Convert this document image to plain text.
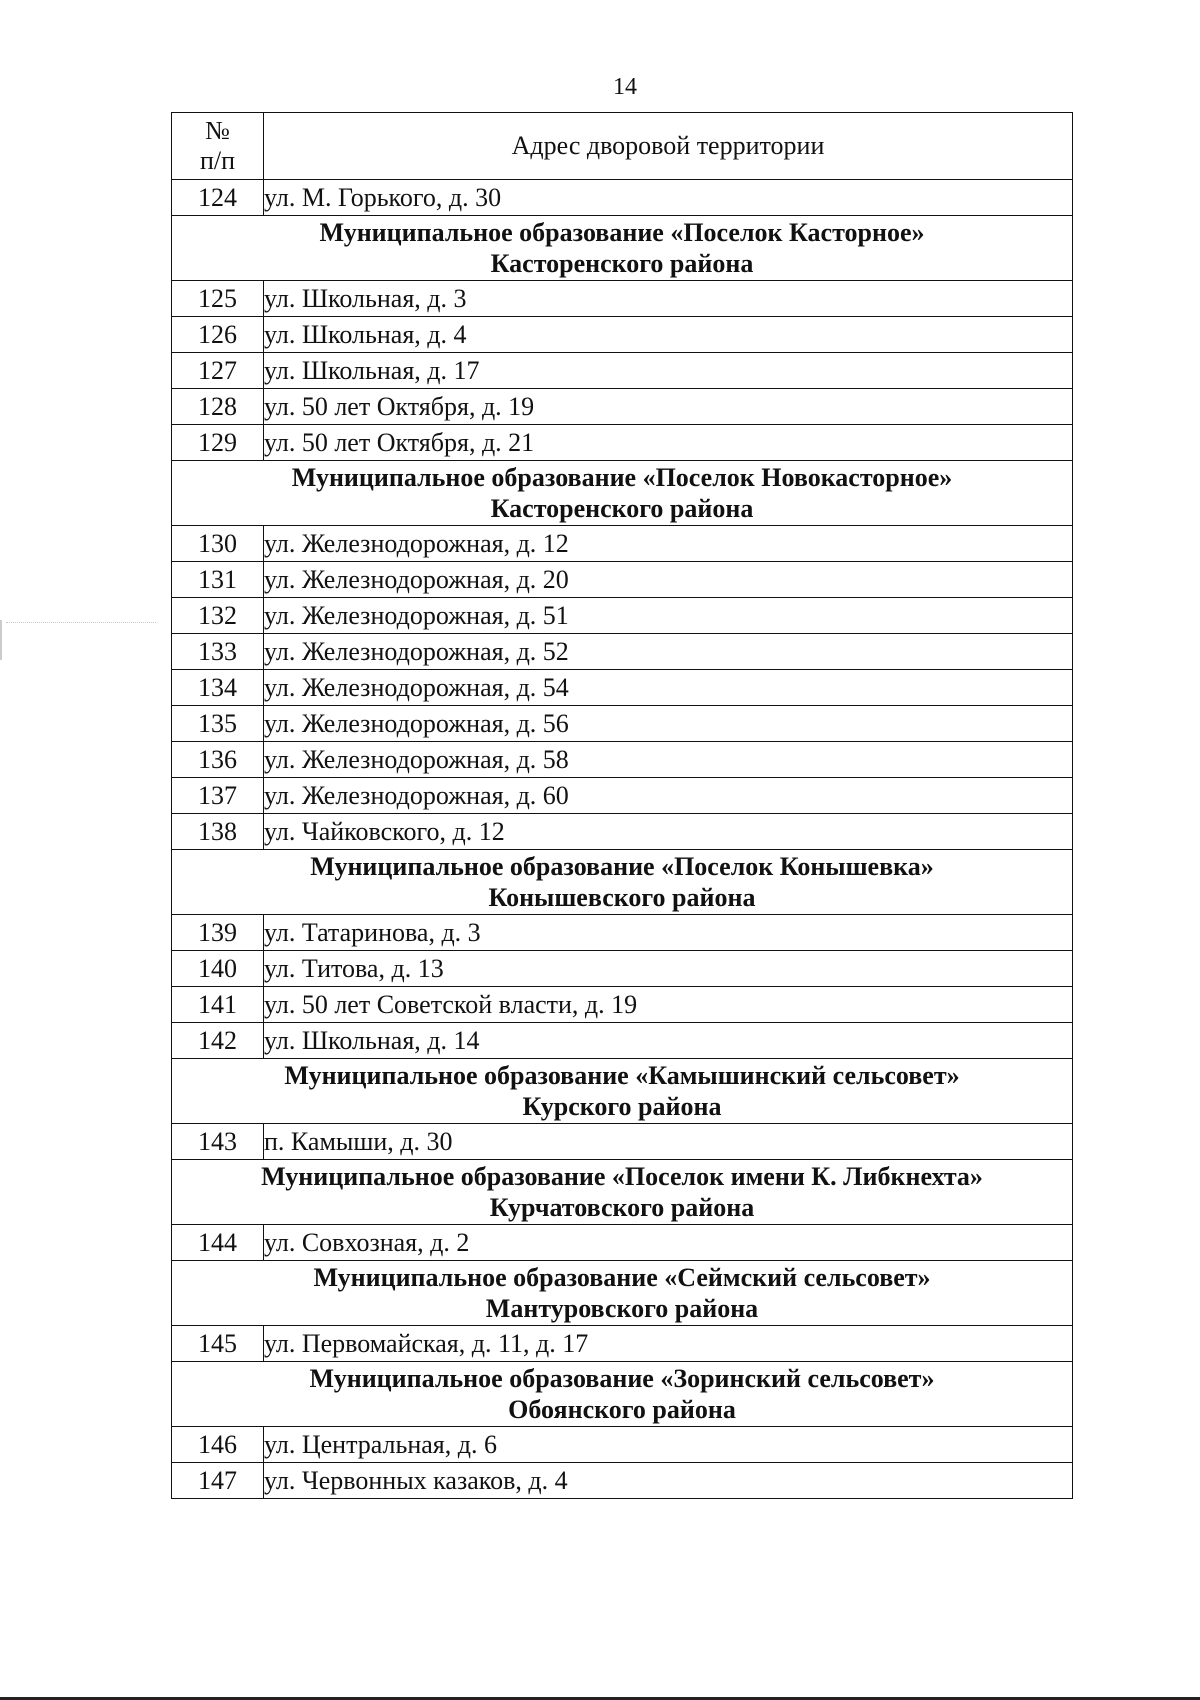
14
№
п/п	Адрес дворовой территории
124	ул. М. Горького, д. 30
Муниципальное образование «Поселок Касторное»
Касторенского района	
125	ул. Школьная, д. 3
126	ул. Школьная, д. 4
127	ул. Школьная, д. 17
128	ул. 50 лет Октября, д. 19
129	ул. 50 лет Октября, д. 21
Муниципальное образование «Поселок Новокасторное»
Касторенского района	
130	ул. Железнодорожная, д. 12
131	ул. Железнодорожная, д. 20
132	ул. Железнодорожная, д. 51
133	ул. Железнодорожная, д. 52
134	ул. Железнодорожная, д. 54
135	ул. Железнодорожная, д. 56
136	ул. Железнодорожная, д. 58
137	ул. Железнодорожная, д. 60
138	ул. Чайковского, д. 12
Муниципальное образование «Поселок Конышевка»
Конышевского района	
139	ул. Татаринова, д. 3
140	ул. Титова, д. 13
141	ул. 50 лет Советской власти, д. 19
142	ул. Школьная, д. 14
Муниципальное образование «Камышинский сельсовет»
Курского района	
143	п. Камыши, д. 30
Муниципальное образование «Поселок имени К. Либкнехта»
Курчатовского района	
144	ул. Совхозная, д. 2
Муниципальное образование «Сеймский сельсовет»
Мантуровского района	
145	ул. Первомайская, д. 11, д. 17
Муниципальное образование «Зоринский сельсовет»
Обоянского района	
146	ул. Центральная, д. 6
147	ул. Червонных казаков, д. 4
